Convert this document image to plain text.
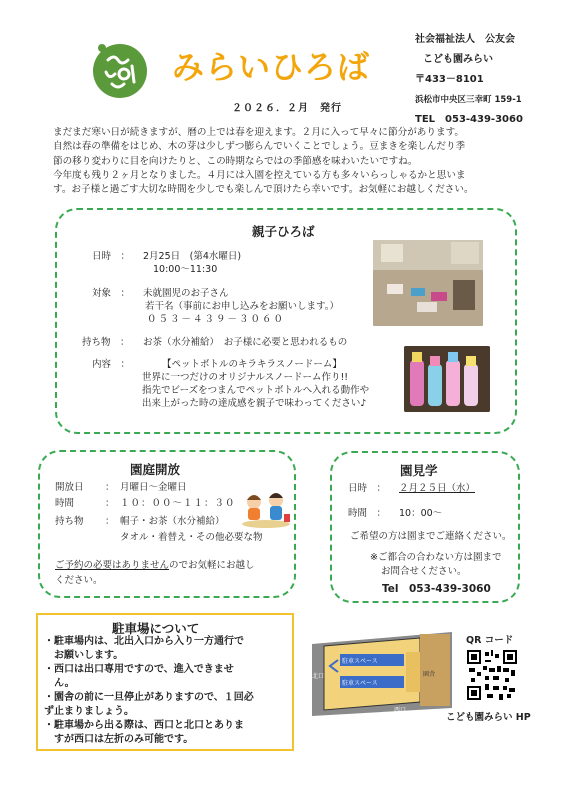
みらいひろば
２０２６．２月　発行
社会福祉法人　公友会
こども園みらい
〒433－8101
浜松市中央区三幸町 159-1
TEL　053-439-3060
まだまだ寒い日が続きますが、暦の上では春を迎えます。２月に入って早々に節分があります。
自然は春の準備をはじめ、木の芽は少しずつ膨らんでいくことでしょう。豆まきを楽しんだり季
節の移り変わりに目を向けたりと、この時期ならではの季節感を味わいたいですね。
今年度も残り２ヶ月となりました。４月には入園を控えている方も多々いらっしゃるかと思いま
す。お子様と過ごす大切な時間を少しでも楽しんで頂けたら幸いです。お気軽にお越しください。
親子ひろば
日時　： 2月25日　(第4水曜日)
10:00～11:30
対象　： 未就園児のお子さん
若干名（事前にお申し込みをお願いします。）
０５３－４３９－３０６０
持ち物　： お茶（水分補給）　お子様に必要と思われるもの
内容　：	【ペットボトルのキラキラスノードーム】
世界に一つだけのオリジナルスノードーム作り!!
指先でビーズをつまんでペットボトルへ入れる動作や
出来上がった時の達成感を親子で味わってください♪
園庭開放
開放日 ： 月曜日～金曜日
時間	： １０：００～１１：３０
持ち物 ： 帽子・お茶（水分補給）
タオル・着替え・その他必要な物
ご予約の必要はありませんのでお気軽にお越し
ください。
園見学
日時　： ２月２５日（水）
時間　： 10：00～
ご希望の方は園までご連絡ください。
※ご都合の合わない方は園まで
お問合せください。
Tel　053-439-3060
駐車場について
・駐車場内は、北出入口から入り一方通行で
　お願いします。
・西口は出口専用ですので、進入できませ
　ん。
・園舎の前に一旦停止がありますので、１回必
ず止まりましょう。
・駐車場から出る際は、西口と北口とありま
　すが西口は左折のみ可能です。
駐車スペース
駐車スペース
園舎
北口
西口
QR コード
こども園みらい HP
